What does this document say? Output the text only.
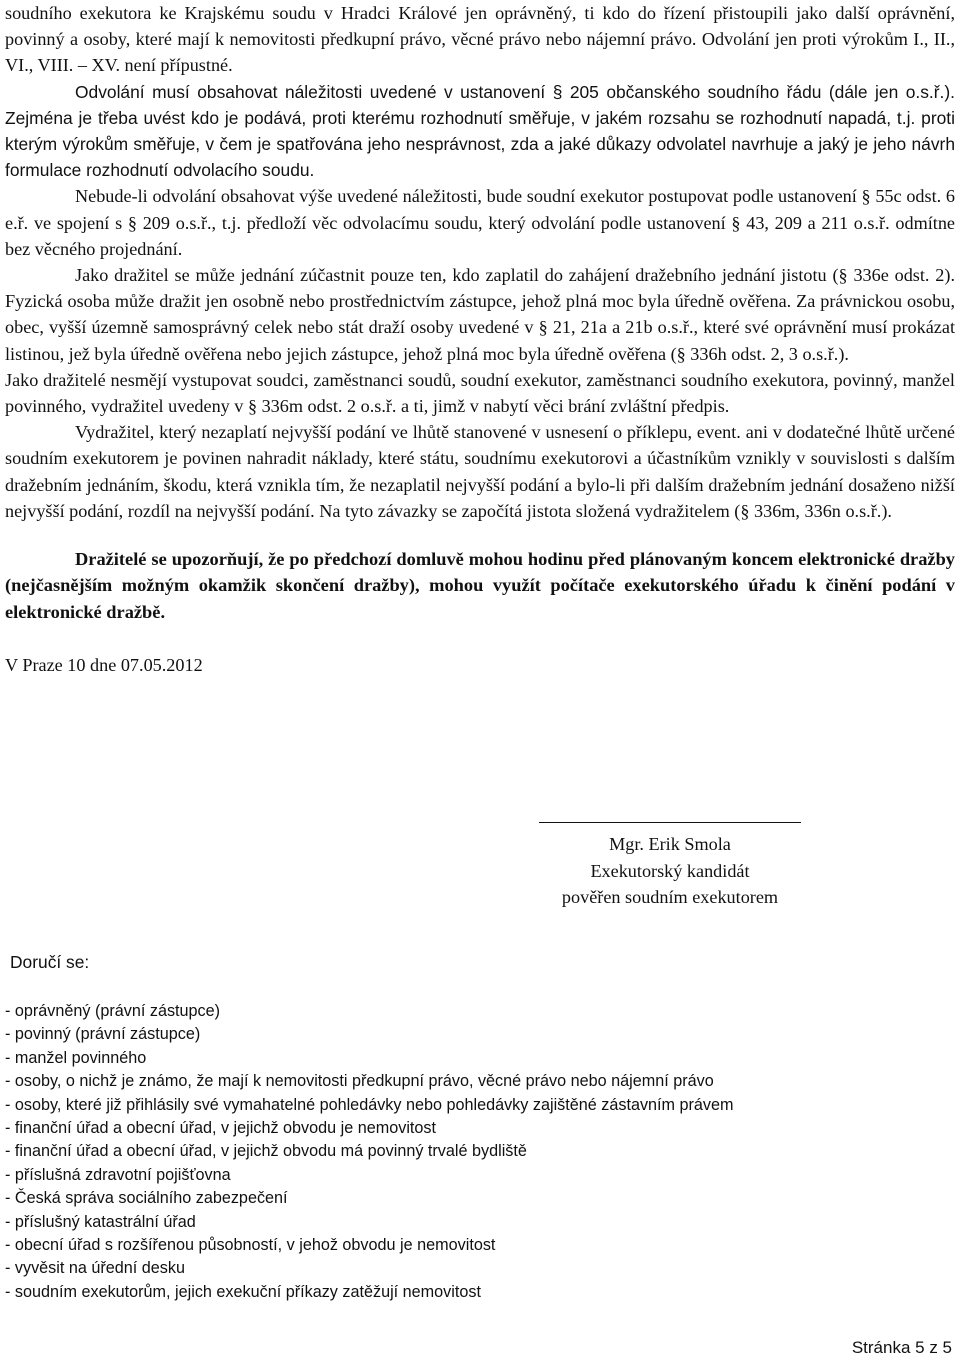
soudního exekutora ke Krajskému soudu v Hradci Králové jen oprávněný, ti kdo do řízení přistoupili jako další oprávnění, povinný a osoby, které mají k nemovitosti předkupní právo, věcné právo nebo nájemní právo. Odvolání jen proti výrokům I., II., VI., VIII. – XV. není přípustné.

Odvolání musí obsahovat náležitosti uvedené v ustanovení § 205 občanského soudního řádu (dále jen o.s.ř.). Zejména je třeba uvést kdo je podává, proti kterému rozhodnutí směřuje, v jakém rozsahu se rozhodnutí napadá, t.j. proti kterým výrokům směřuje, v čem je spatřována jeho nesprávnost, zda a jaké důkazy odvolatel navrhuje a jaký je jeho návrh formulace rozhodnutí odvolacího soudu.

Nebude-li odvolání obsahovat výše uvedené náležitosti, bude soudní exekutor postupovat podle ustanovení § 55c odst. 6 e.ř. ve spojení s § 209 o.s.ř., t.j. předloží věc odvolacímu soudu, který odvolání podle ustanovení § 43, 209 a 211 o.s.ř. odmítne bez věcného projednání.

Jako dražitel se může jednání zúčastnit pouze ten, kdo zaplatil do zahájení dražebního jednání jistotu (§ 336e odst. 2). Fyzická osoba může dražit jen osobně nebo prostřednictvím zástupce, jehož plná moc byla úředně ověřena. Za právnickou osobu, obec, vyšší územně samosprávný celek nebo stát draží osoby uvedené v § 21, 21a a 21b o.s.ř., které své oprávnění musí prokázat listinou, jež byla úředně ověřena nebo jejich zástupce, jehož plná moc byla úředně ověřena (§ 336h odst. 2, 3 o.s.ř.).

Jako dražitelé nesmějí vystupovat soudci, zaměstnanci soudů, soudní exekutor, zaměstnanci soudního exekutora, povinný, manžel povinného, vydražitel uvedeny v § 336m odst. 2 o.s.ř. a ti, jimž v nabytí věci brání zvláštní předpis.

Vydražitel, který nezaplatí nejvyšší podání ve lhůtě stanovené v usnesení o příklepu, event. ani v dodatečné lhůtě určené soudním exekutorem je povinen nahradit náklady, které státu, soudnímu exekutorovi a účastníkům vznikly v souvislosti s dalším dražebním jednáním, škodu, která vznikla tím, že nezaplatil nejvyšší podání a bylo-li při dalším dražebním jednání dosaženo nižší nejvyšší podání, rozdíl na nejvyšší podání. Na tyto závazky se započítá jistota složená vydražitelem (§ 336m, 336n o.s.ř.).

Dražitelé se upozorňují, že po předchozí domluvě mohou hodinu před plánovaným koncem elektronické dražby (nejčasnějším možným okamžik skončení dražby), mohou využít počítače exekutorského úřadu k činění podání v elektronické dražbě.

V Praze 10 dne 07.05.2012

Mgr. Erik Smola
Exekutorský kandidát
pověřen soudním exekutorem
Doručí se:
- oprávněný (právní zástupce)
- povinný (právní zástupce)
- manžel povinného
- osoby, o nichž je známo, že mají k nemovitosti předkupní právo, věcné právo nebo nájemní právo
- osoby, které již přihlásily své vymahatelné pohledávky nebo pohledávky zajištěné zástavním právem
- finanční úřad a obecní úřad, v jejichž obvodu je nemovitost
- finanční úřad a obecní úřad, v jejichž obvodu má povinný trvalé bydliště
- příslušná zdravotní pojišťovna
- Česká správa sociálního zabezpečení
- příslušný katastrální úřad
- obecní úřad s rozšířenou působností, v jehož obvodu je nemovitost
- vyvěsit na úřední desku
- soudním exekutorům, jejich exekuční příkazy zatěžují nemovitost
Stránka 5 z 5
